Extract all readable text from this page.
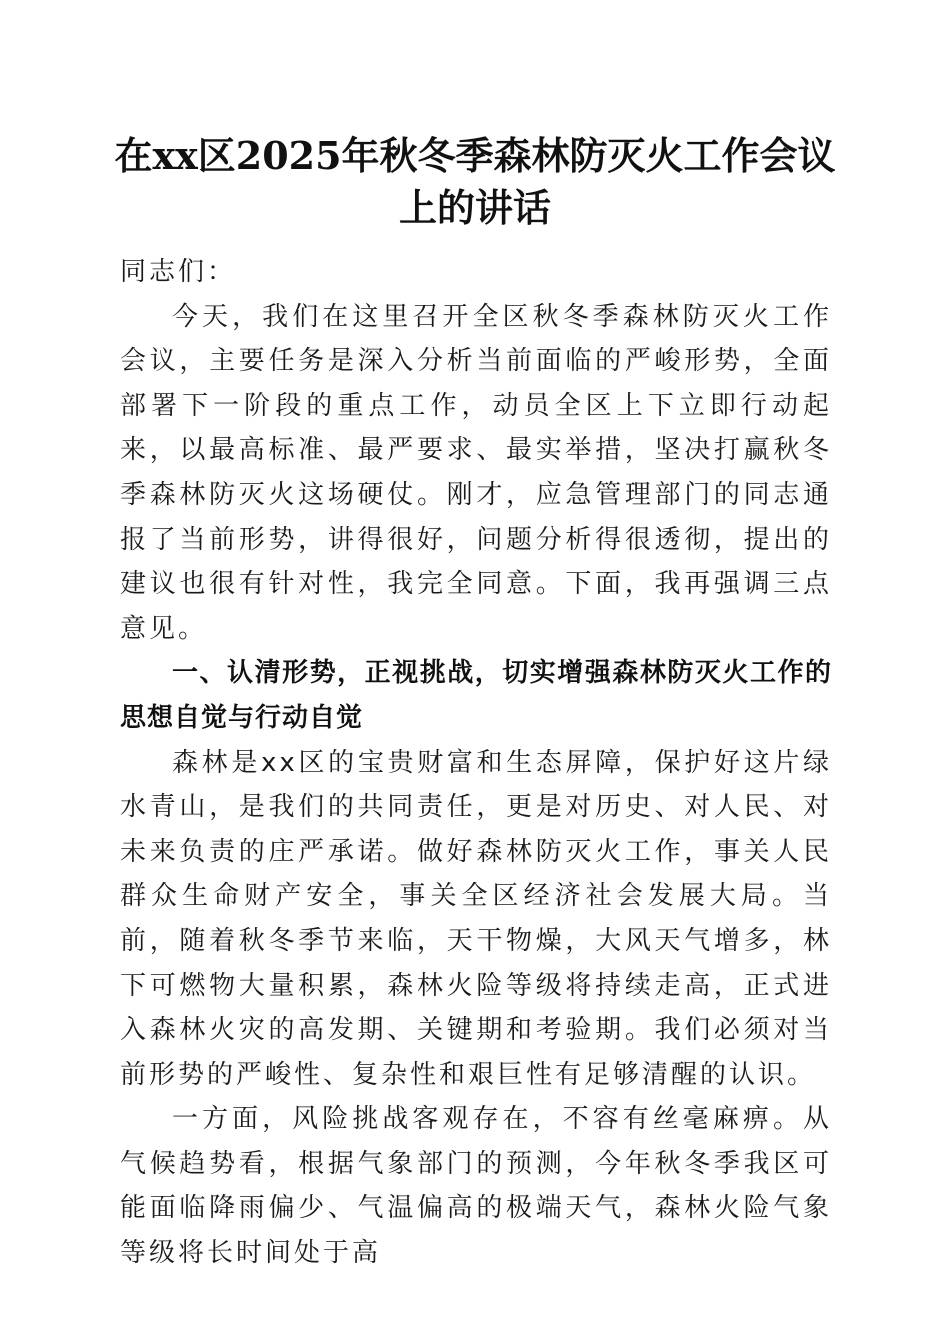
在xx区2025年秋冬季森林防灭火工作会议上的讲话

同志们：

今天，我们在这里召开全区秋冬季森林防灭火工作会议，主要任务是深入分析当前面临的严峻形势，全面部署下一阶段的重点工作，动员全区上下立即行动起来，以最高标准、最严要求、最实举措，坚决打赢秋冬季森林防灭火这场硬仗。刚才，应急管理部门的同志通报了当前形势，讲得很好，问题分析得很透彻，提出的建议也很有针对性，我完全同意。下面，我再强调三点意见。

一、认清形势，正视挑战，切实增强森林防灭火工作的思想自觉与行动自觉

森林是xx区的宝贵财富和生态屏障，保护好这片绿水青山，是我们的共同责任，更是对历史、对人民、对未来负责的庄严承诺。做好森林防灭火工作，事关人民群众生命财产安全，事关全区经济社会发展大局。当前，随着秋冬季节来临，天干物燥，大风天气增多，林下可燃物大量积累，森林火险等级将持续走高，正式进入森林火灾的高发期、关键期和考验期。我们必须对当前形势的严峻性、复杂性和艰巨性有足够清醒的认识。

一方面，风险挑战客观存在，不容有丝毫麻痹。从气候趋势看，根据气象部门的预测，今年秋冬季我区可能面临降雨偏少、气温偏高的极端天气，森林火险气象等级将长时间处于高
